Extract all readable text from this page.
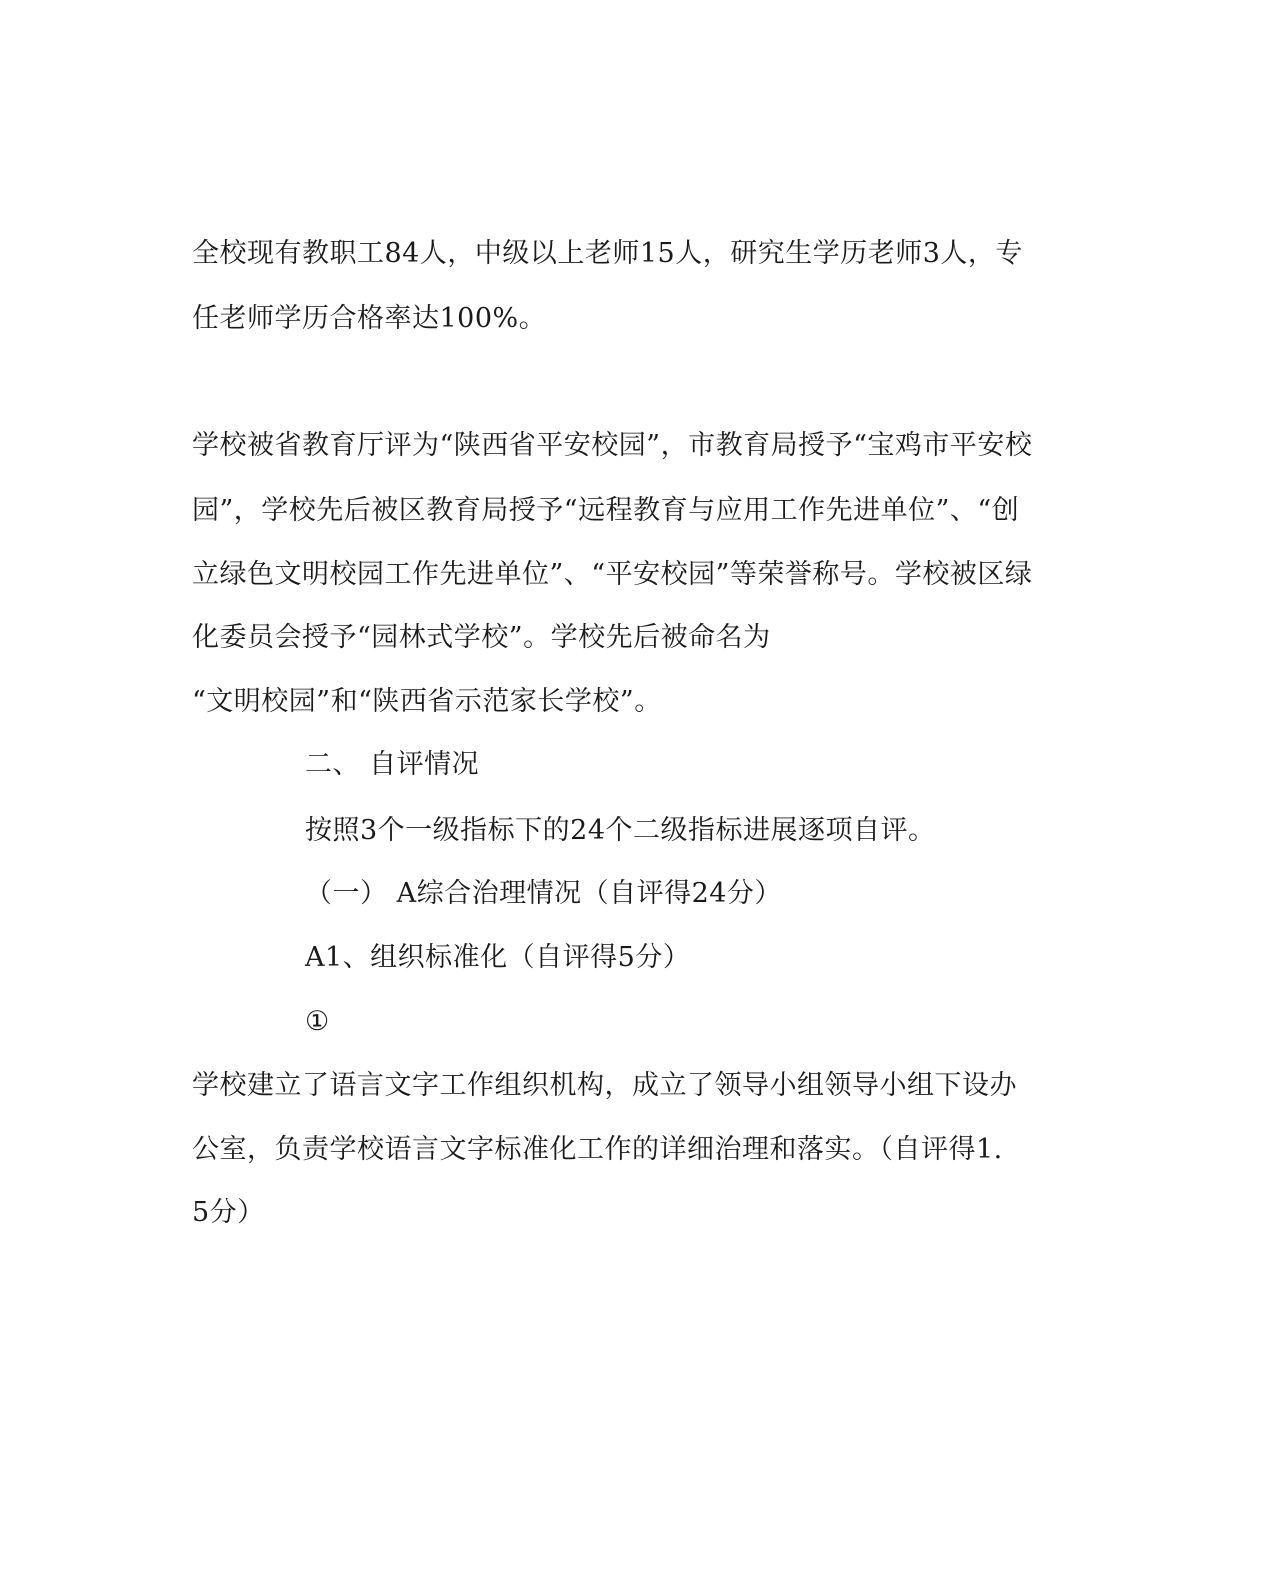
全校现有教职工84人，中级以上老师15人，研究生学历老师3人，专
任老师学历合格率达100%。
学校被省教育厅评为“陕西省平安校园”，市教育局授予“宝鸡市平安校
园”，学校先后被区教育局授予“远程教育与应用工作先进单位”、“创
立绿色文明校园工作先进单位”、“平安校园”等荣誉称号。学校被区绿
化委员会授予“园林式学校”。学校先后被命名为
“文明校园”和“陕西省示范家长学校”。
二、 自评情况
按照3个一级指标下的24个二级指标进展逐项自评。
（一） A综合治理情况（自评得24分）
A1、组织标准化（自评得5分）
①
学校建立了语言文字工作组织机构，成立了领导小组领导小组下设办
公室，负责学校语言文字标准化工作的详细治理和落实。（自评得1.
5分）
